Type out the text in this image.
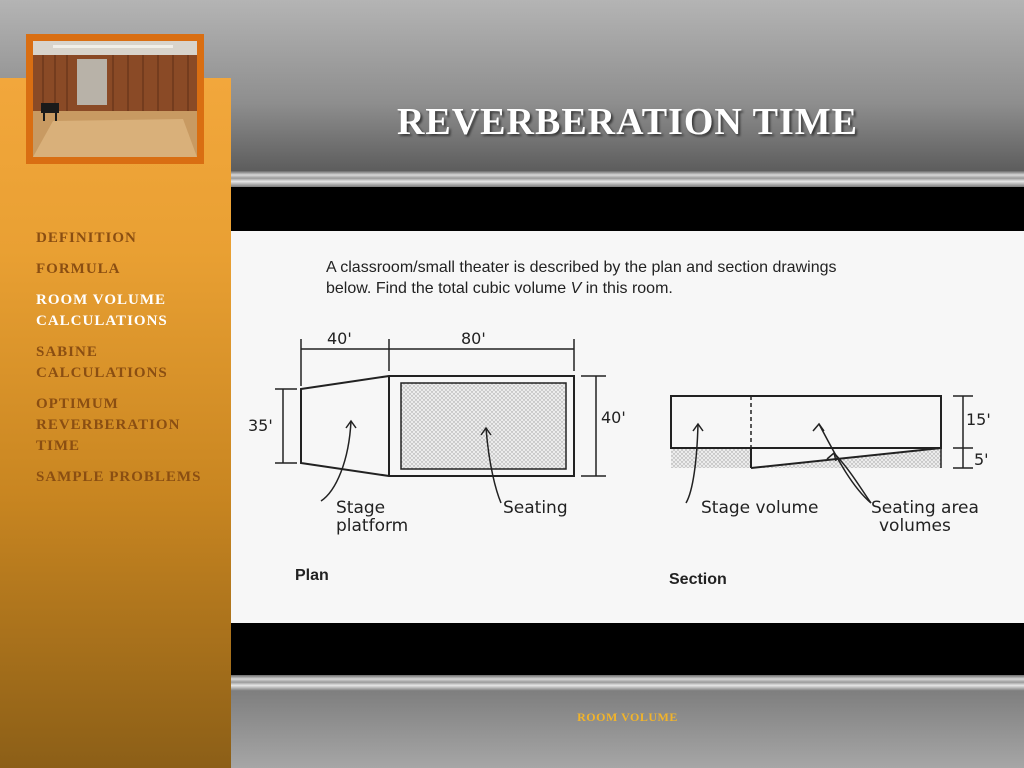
REVERBERATION TIME
DEFINITION
FORMULA
ROOM VOLUME CALCULATIONS
SABINE CALCULATIONS
OPTIMUM REVERBERATION TIME
SAMPLE PROBLEMS
A classroom/small theater is described by the plan and section drawings
below. Find the total cubic volume V in this room.
40'	80'
35'	40'
Stage
platform
Seating
Plan
15'
5'
Stage volume	Seating area
volumes
Section
ROOM VOLUME
